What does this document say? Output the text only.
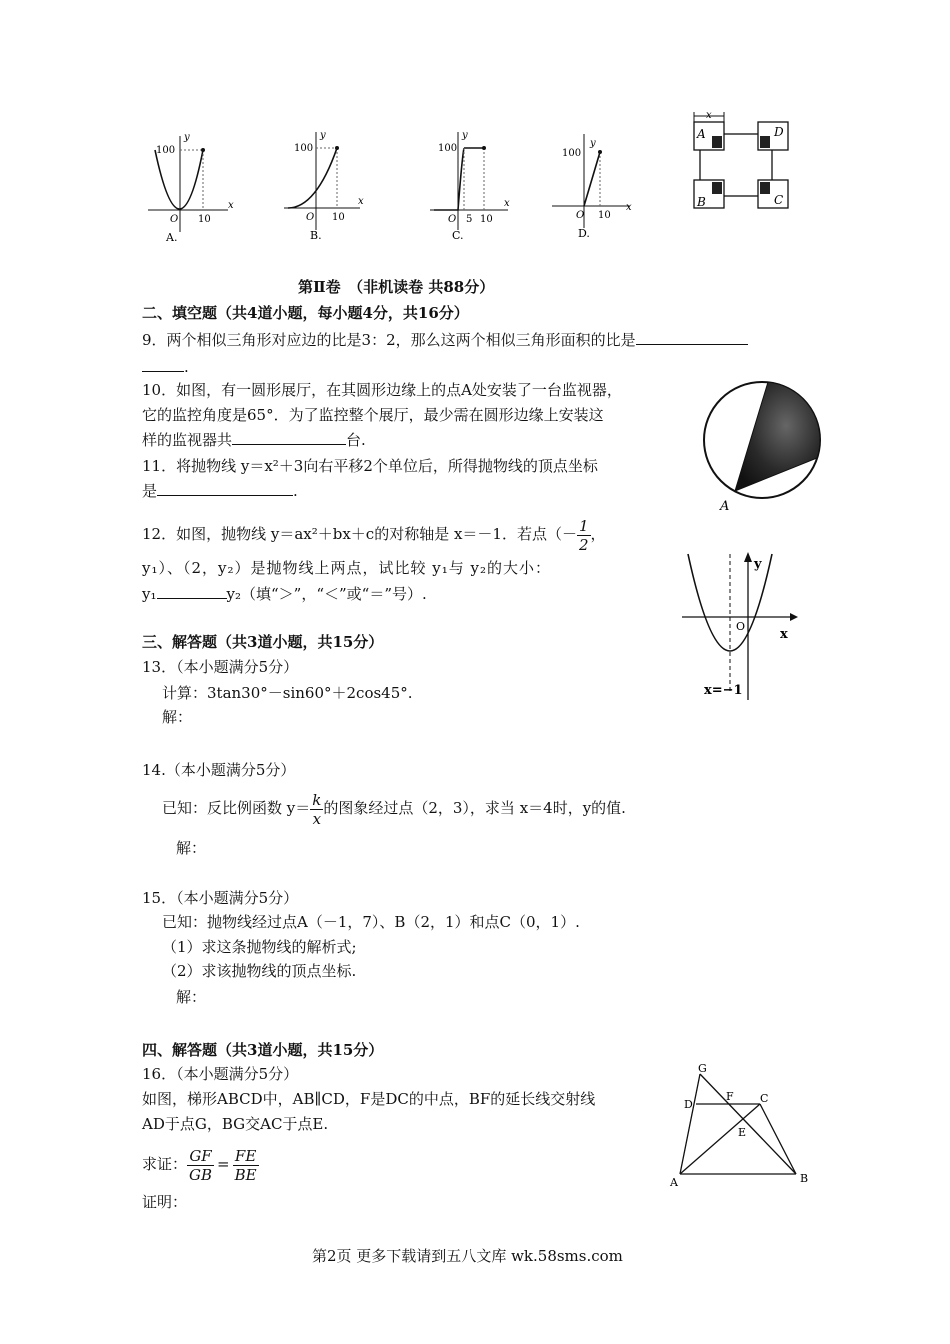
y
100
O 10
x
A.
y
100
O 10
x
B.
y
100
O 5 10
x
C.
y
100
O 10
x
D.
x
A	D
B	C
第Ⅱ卷　（非机读卷 共88分）
二、填空题（共4道小题，每小题4分，共16分）
9．两个相似三角形对应边的比是3：2，那么这两个相似三角形面积的比是
.
10．如图，有一圆形展厅，在其圆形边缘上的点A处安装了一台监视器，
它的监控角度是65°．为了监控整个展厅，最少需在圆形边缘上安装这
样的监视器共	台.
11．将抛物线 y＝x²＋3向右平移2个单位后，所得抛物线的顶点坐标
是	.
A
12．如图，抛物线 y＝ax²＋bx＋c的对称轴是 x＝－1．若点（－ $\frac{1}{2}$ ，
y₁）、（2，y₂）是抛物线上两点，试比较 y₁与 y₂的大小：
y₁	y₂（填“＞”，“＜”或“＝”号）.
y
x
O
x=−1
三、解答题（共3道小题，共15分）
13．（本小题满分5分）
计算：3tan30°－sin60°＋2cos45°.
解：
14.（本小题满分5分）
已知：反比例函数 $y= \frac{k}{x}$ 的图象经过点（2，3），求当 x＝4时，y的值.
解：
15．（本小题满分5分）
已知：抛物线经过点A（－1，7）、B（2，1）和点C（0，1）.
（1）求这条抛物线的解析式;
（2）求该抛物线的顶点坐标.
解：
四、解答题（共3道小题，共15分）
16．（本小题满分5分）
如图，梯形ABCD中，AB∥CD，F是DC的中点，BF的延长线交射线
AD于点G，BG交AC于点E.
求证： $\frac{GF}{GB} = \frac{FE}{BE}$
证明：
G
D
F C
E
A	B
第2页 更多下载请到五八文库 wk.58sms.com
